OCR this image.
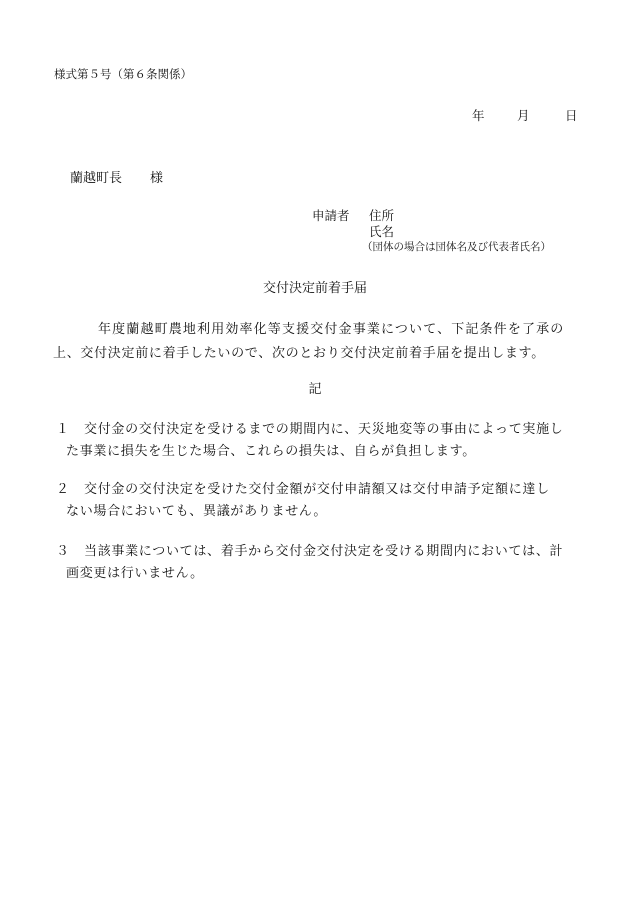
様式第５号（第６条関係）
年	月	日
蘭越町長 様
申請者 住所
氏名
（団体の場合は団体名及び代表者氏名）
交付決定前着手届
年度蘭越町農地利用効率化等支援交付金事業について、下記条件を了承の
上、交付決定前に着手したいので、次のとおり交付決定前着手届を提出します。
記
１ 交付金の交付決定を受けるまでの期間内に、天災地変等の事由によって実施し
た事業に損失を生じた場合、これらの損失は、自らが負担します。
２ 交付金の交付決定を受けた交付金額が交付申請額又は交付申請予定額に達し
ない場合においても、異議がありません。
３ 当該事業については、着手から交付金交付決定を受ける期間内においては、計
画変更は行いません。
